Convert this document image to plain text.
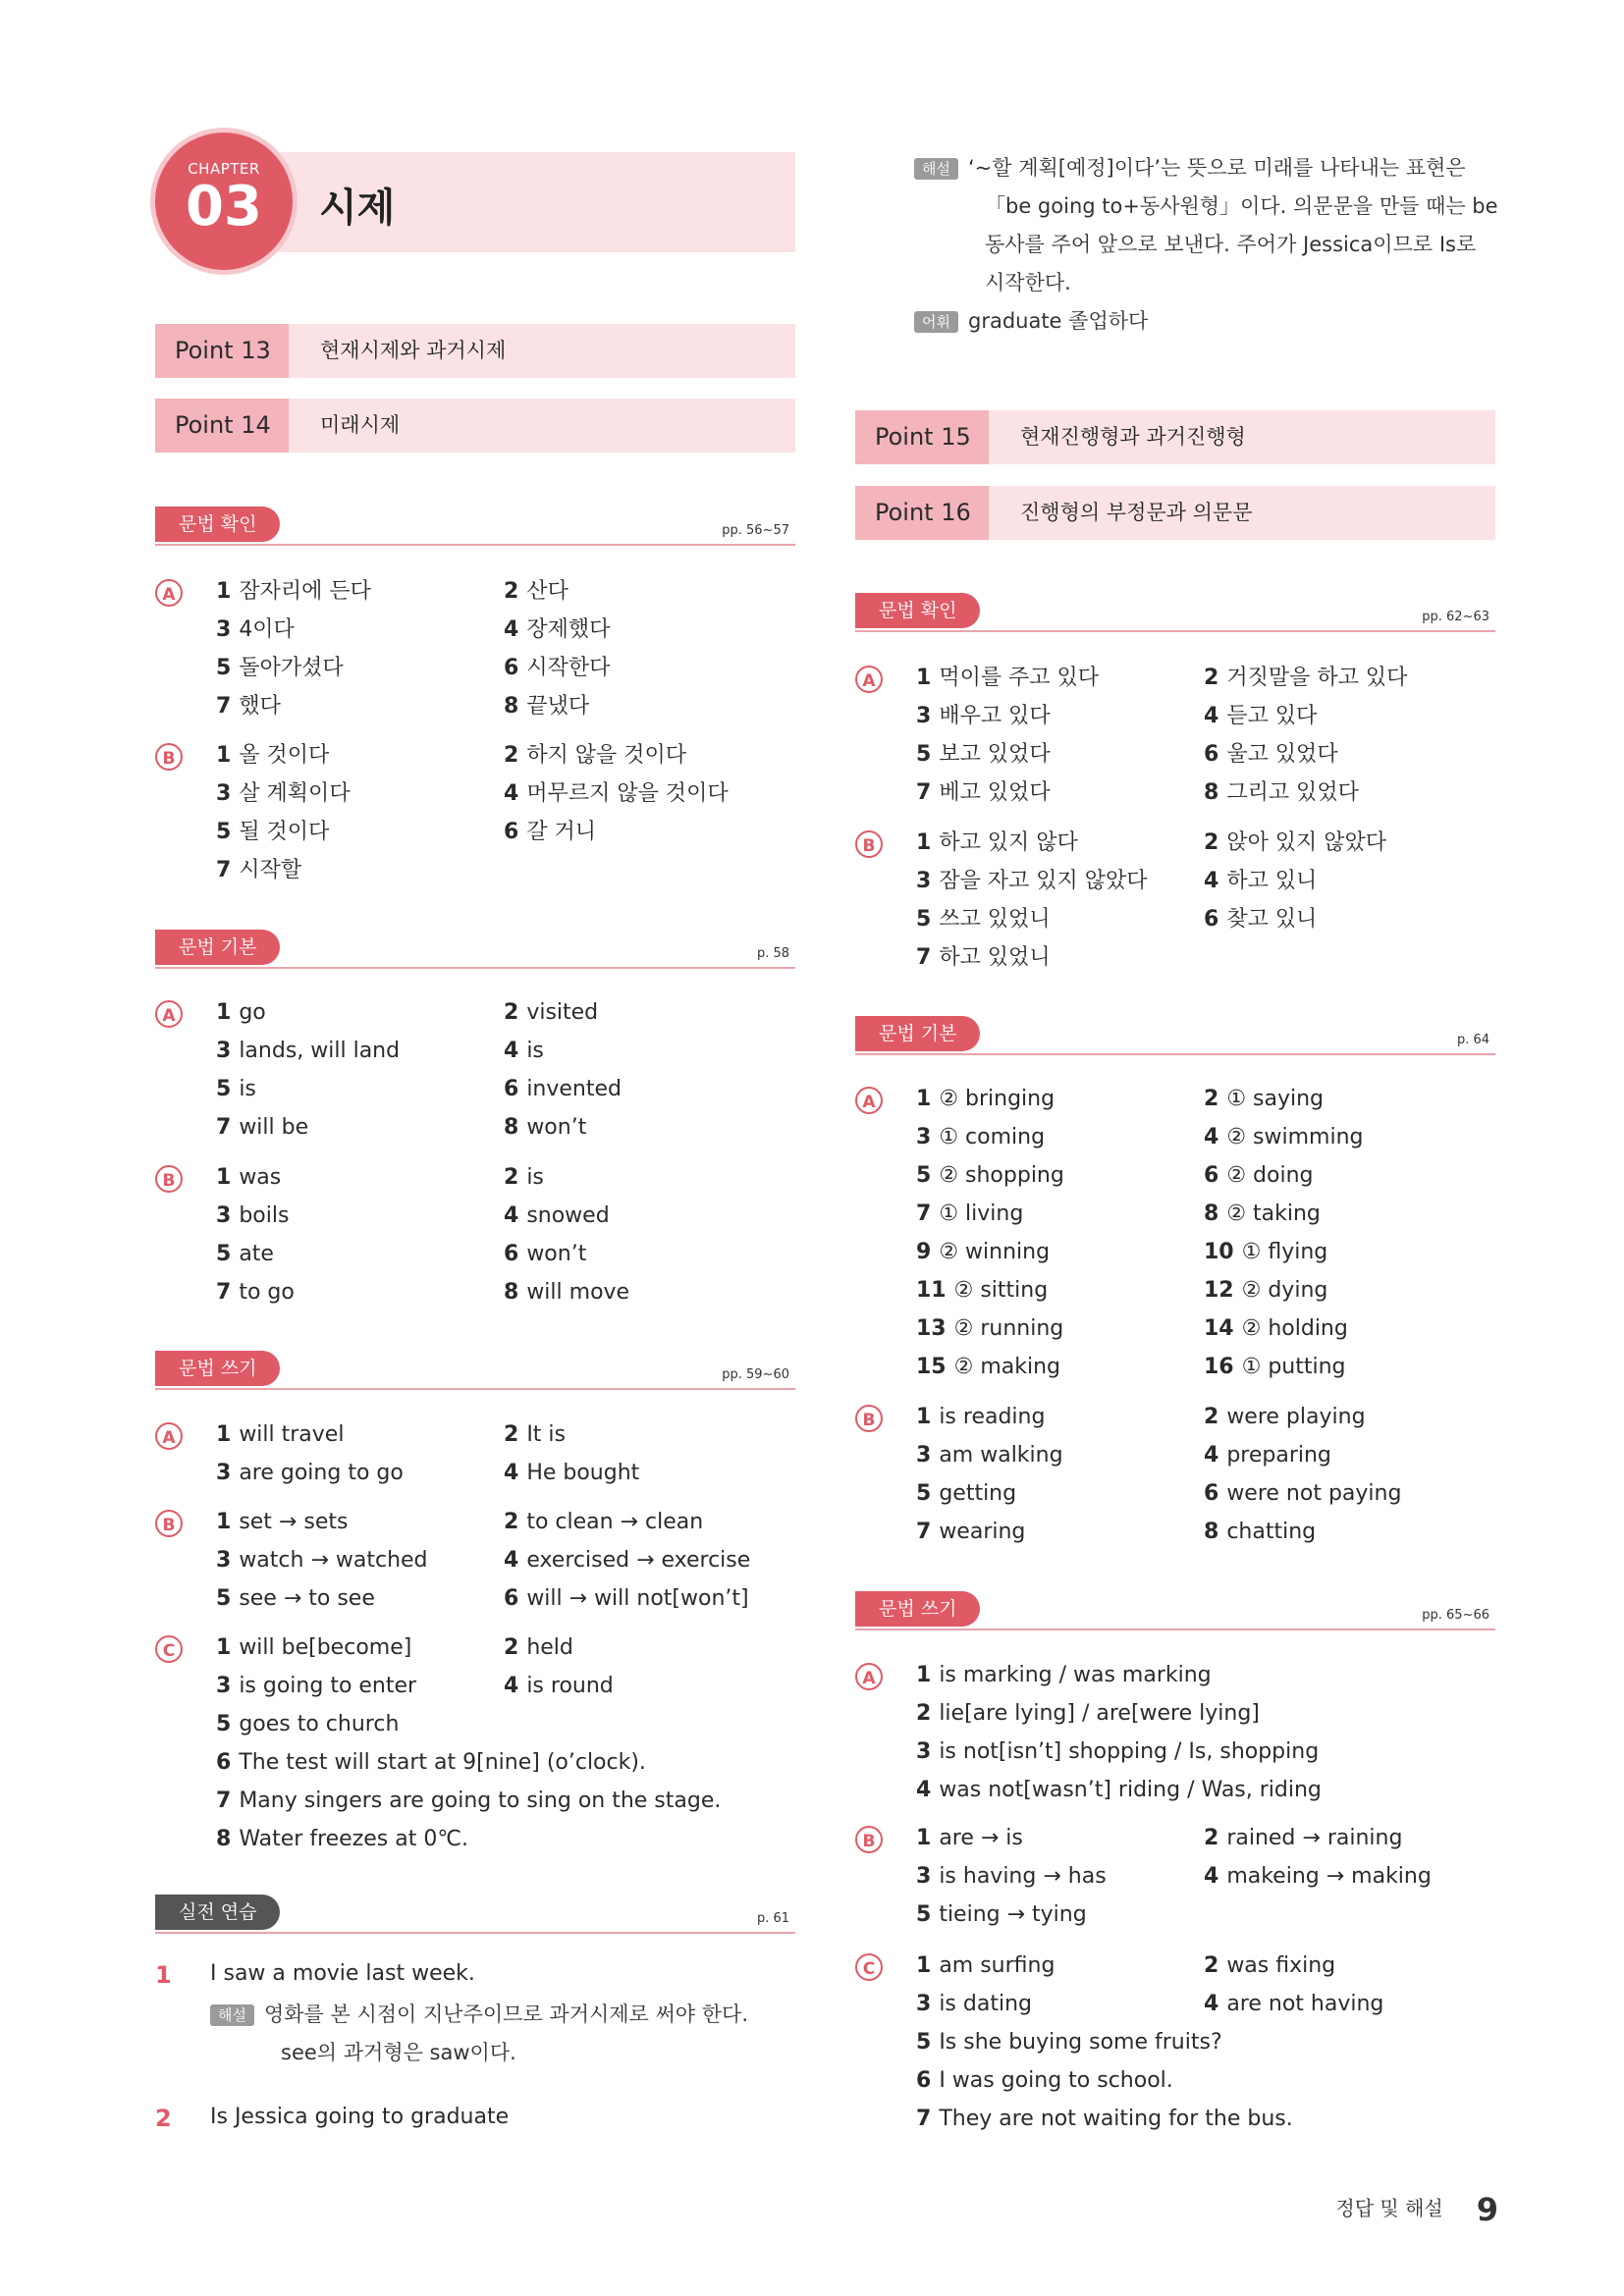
시제
CHAPTER
03
정답 및 해설 9
Point 13	현재시제와 과거시제
Point 14	미래시제
문법 확인	pp. 56~57
A	1 잠자리에 든다	2 산다
3 4이다	4 장제했다
5 돌아가셨다	6 시작한다
7 했다	8 끝냈다
B	1 올 것이다	2 하지 않을 것이다
3 살 계획이다	4 머무르지 않을 것이다
5 될 것이다	6 갈 거니
7 시작할
문법 기본	p. 58
A	1 go	2 visited
3 lands, will land	4 is
5 is	6 invented
7 will be	8 won’t
B	1 was	2 is
3 boils	4 snowed
5 ate	6 won’t
7 to go	8 will move
문법 쓰기	pp. 59~60
A	1 will travel	2 It is
3 are going to go	4 He bought
B	1 set → sets	2 to clean → clean
3 watch → watched	4 exercised → exercise
5 see → to see	6 will → will not[won’t]
C	1 will be[become]	2 held
3 is going to enter	4 is round
5 goes to church
6 The test will start at 9[nine] (o’clock).
7 Many singers are going to sing on the stage.
8 Water freezes at 0℃.
실전 연습	p. 61
1 I saw a movie last week.
해설 영화를 본 시점이 지난주이므로 과거시제로 써야 한다.
see의 과거형은 saw이다.
2 Is Jessica going to graduate
해설 ‘~할 계획[예정]이다’는 뜻으로 미래를 나타내는 표현은
「be going to+동사원형」이다. 의문문을 만들 때는 be
동사를 주어 앞으로 보낸다. 주어가 Jessica이므로 Is로
시작한다.
어휘 graduate 졸업하다
Point 15	현재진행형과 과거진행형
Point 16	진행형의 부정문과 의문문
문법 확인	pp. 62~63
A	1 먹이를 주고 있다	2 거짓말을 하고 있다
3 배우고 있다	4 듣고 있다
5 보고 있었다	6 울고 있었다
7 베고 있었다	8 그리고 있었다
B	1 하고 있지 않다	2 앉아 있지 않았다
3 잠을 자고 있지 않았다	4 하고 있니
5 쓰고 있었니	6 찾고 있니
7 하고 있었니
문법 기본	p. 64
A	1 ② bringing	2 ① saying
3 ① coming	4 ② swimming
5 ② shopping	6 ② doing
7 ① living	8 ② taking
9 ② winning	10 ① flying
11 ② sitting	12 ② dying
13 ② running	14 ② holding
15 ② making	16 ① putting
B	1 is reading	2 were playing
3 am walking	4 preparing
5 getting	6 were not paying
7 wearing	8 chatting
문법 쓰기	pp. 65~66
A	1 is marking / was marking
2 lie[are lying] / are[were lying]
3 is not[isn’t] shopping / Is, shopping
4 was not[wasn’t] riding / Was, riding
B	1 are → is	2 rained → raining
3 is having → has	4 makeing → making
5 tieing → tying
C	1 am surfing	2 was fixing
3 is dating	4 are not having
5 Is she buying some fruits?
6 I was going to school.
7 They are not waiting for the bus.
